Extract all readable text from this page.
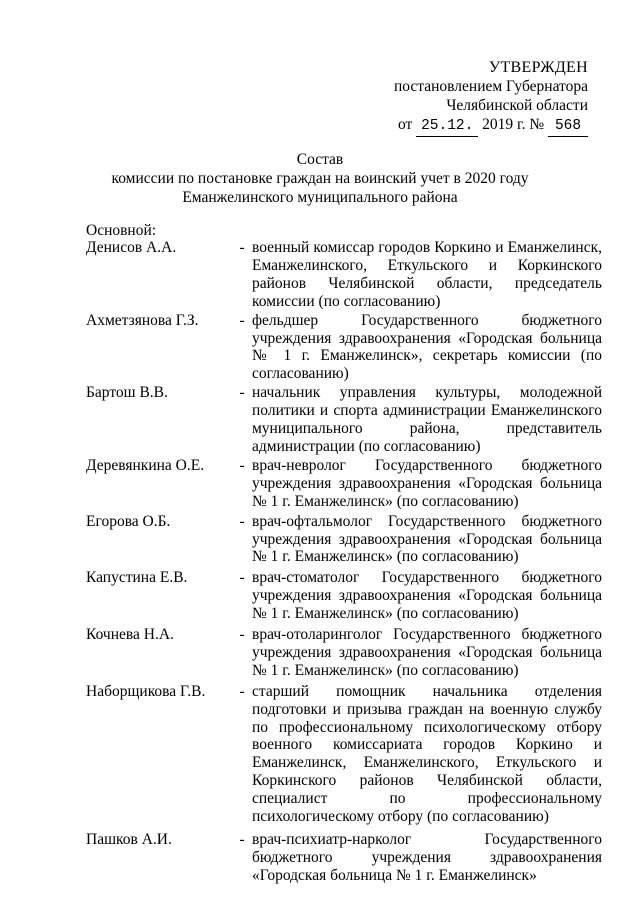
УТВЕРЖДЕН
постановлением Губернатора
Челябинской области
от 25.12. 2019 г. № 568
Состав
комиссии по постановке граждан на воинский учет в 2020 году
Еманжелинского муниципального района
Основной:
Денисов А.А.	- военный комиссар городов Коркино и Еманжелинск, Еманжелинского, Еткульского и Коркинского районов Челябинской области, председатель комиссии (по согласованию)
Ахметзянова Г.З.	- фельдшер Государственного бюджетного учреждения здравоохранения «Городская больница № 1 г. Еманжелинск», секретарь комиссии (по согласованию)
Бартош В.В.	- начальник управления культуры, молодежной политики и спорта администрации Еманжелинского муниципального района, представитель администрации (по согласованию)
Деревянкина О.Е.	- врач-невролог Государственного бюджетного учреждения здравоохранения «Городская больница № 1 г. Еманжелинск» (по согласованию)
Егорова О.Б.	- врач-офтальмолог Государственного бюджетного учреждения здравоохранения «Городская больница № 1 г. Еманжелинск» (по согласованию)
Капустина Е.В.	- врач-стоматолог Государственного бюджетного учреждения здравоохранения «Городская больница № 1 г. Еманжелинск» (по согласованию)
Кочнева Н.А.	- врач-отоларинголог Государственного бюджетного учреждения здравоохранения «Городская больница № 1 г. Еманжелинск» (по согласованию)
Наборщикова Г.В.	- старший помощник начальника отделения подготовки и призыва граждан на военную службу по профессиональному психологическому отбору военного комиссариата городов Коркино и Еманжелинск, Еманжелинского, Еткульского и Коркинского районов Челябинской области, специалист по профессиональному психологическому отбору (по согласованию)
Пашков А.И.	- врач-психиатр-нарколог Государственного бюджетного учреждения здравоохранения «Городская больница № 1 г. Еманжелинск»
